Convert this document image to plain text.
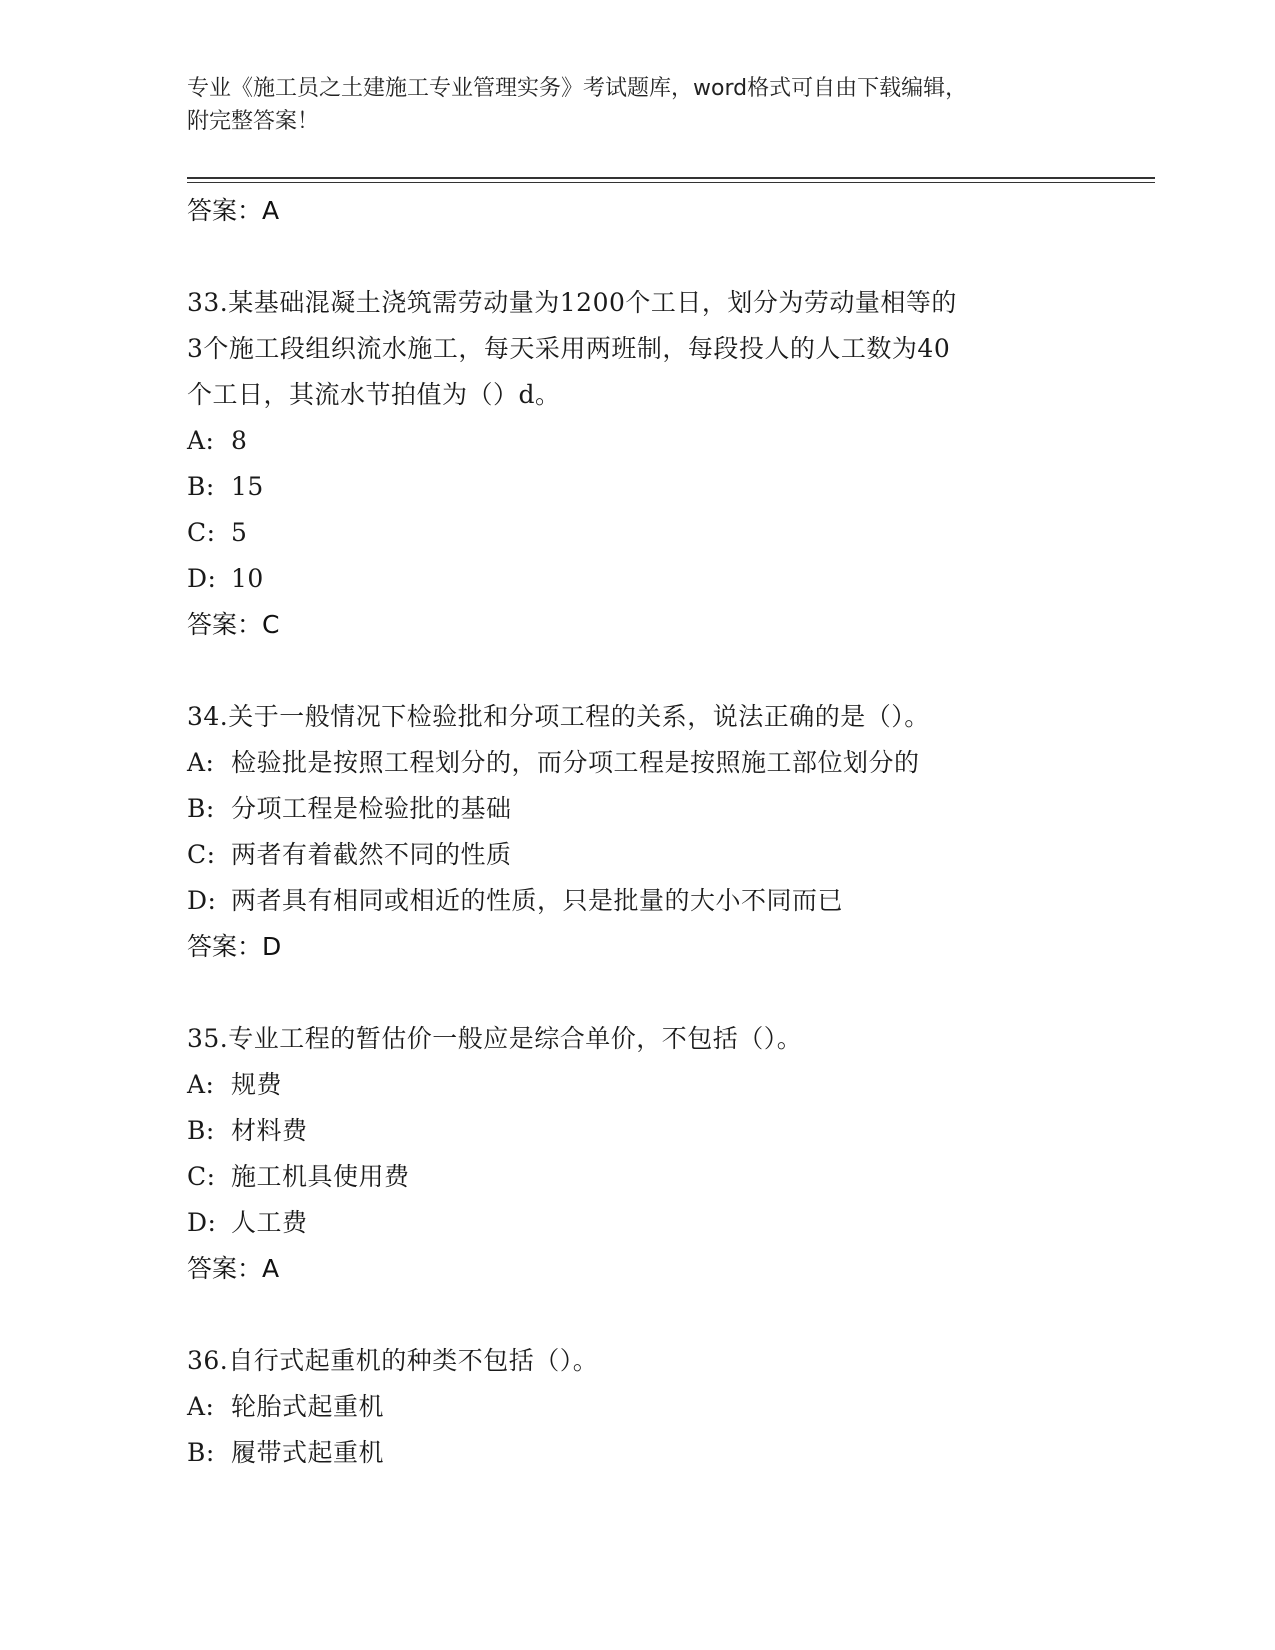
专业《施工员之土建施工专业管理实务》考试题库，word格式可自由下载编辑，
附完整答案！
答案：A
33.某基础混凝土浇筑需劳动量为1200个工日，划分为劳动量相等的
3个施工段组织流水施工，每天采用两班制，每段投人的人工数为40
个工日，其流水节拍值为（）d。
A: 8
B: 15
C: 5
D: 10
答案：C
34.关于一般情况下检验批和分项工程的关系，说法正确的是（）。
A: 检验批是按照工程划分的，而分项工程是按照施工部位划分的
B: 分项工程是检验批的基础
C: 两者有着截然不同的性质
D: 两者具有相同或相近的性质，只是批量的大小不同而已
答案：D
35.专业工程的暂估价一般应是综合单价，不包括（）。
A: 规费
B: 材料费
C: 施工机具使用费
D: 人工费
答案：A
36.自行式起重机的种类不包括（）。
A: 轮胎式起重机
B: 履带式起重机
